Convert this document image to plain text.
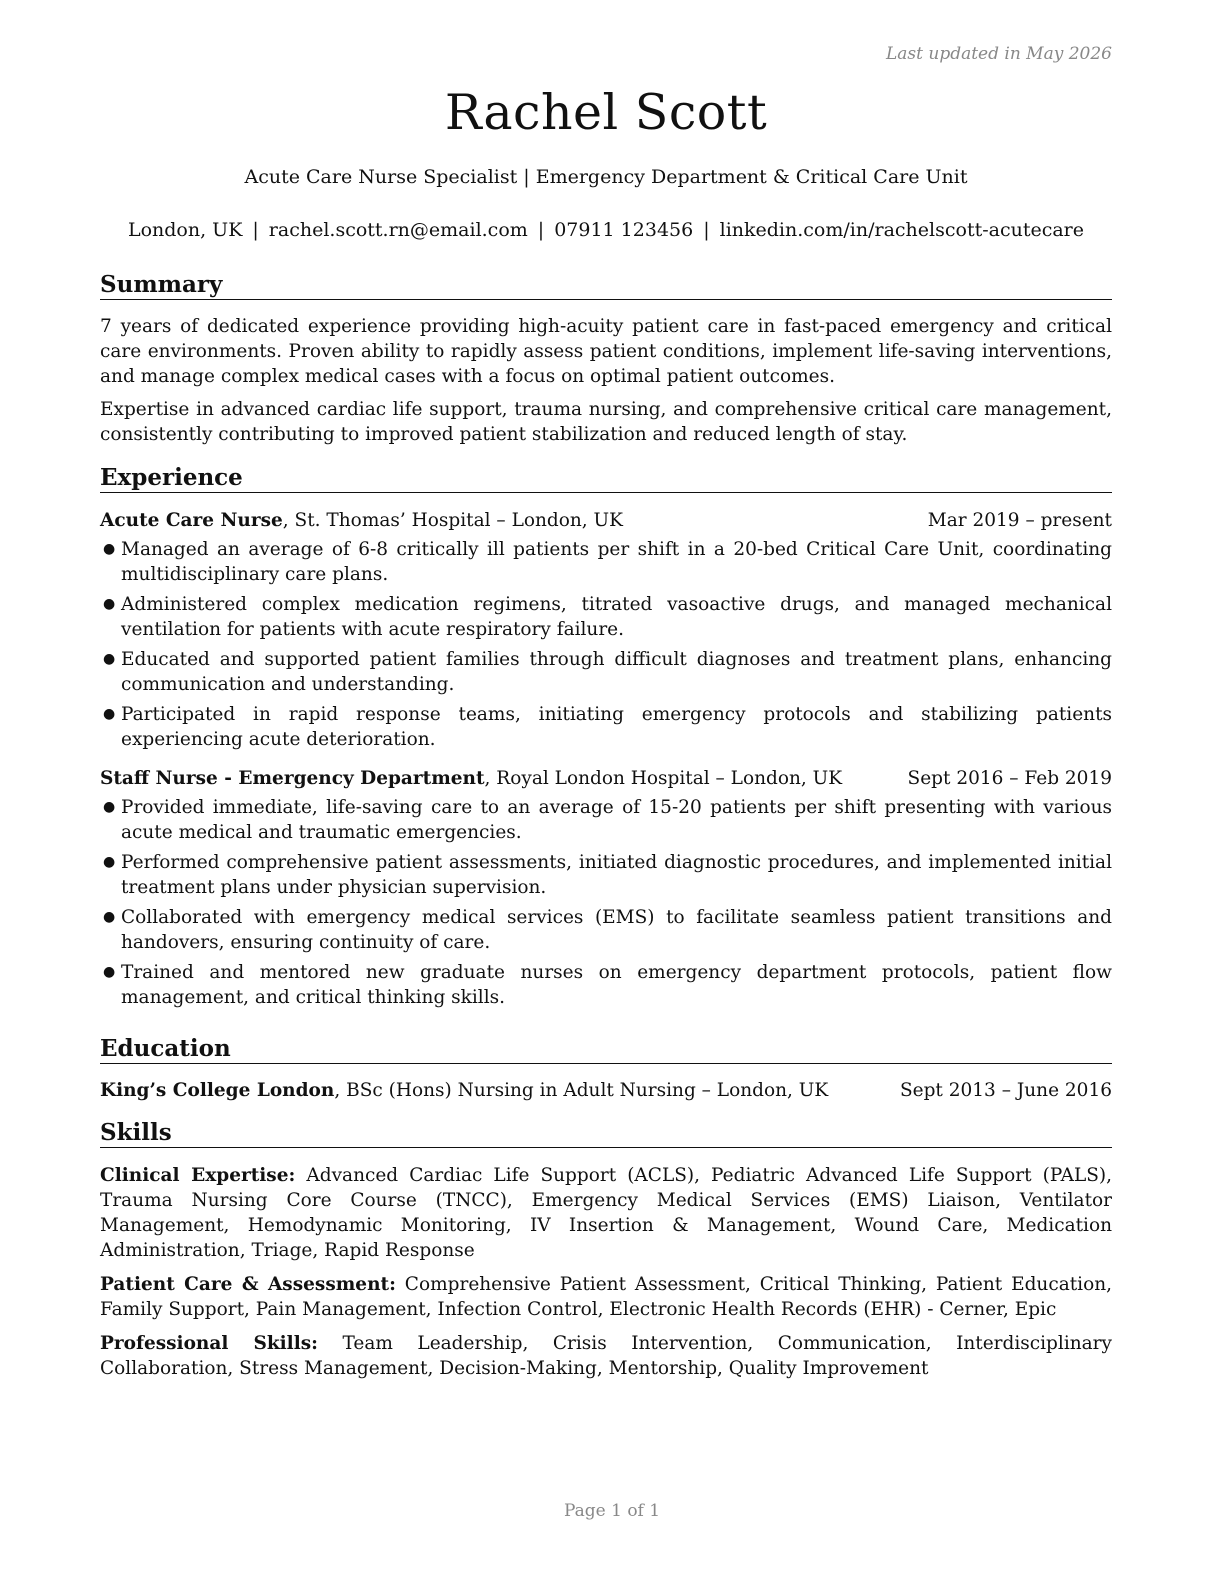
Last updated in May 2026
Rachel Scott
Acute Care Nurse Specialist | Emergency Department & Critical Care Unit
London, UK | rachel.scott.rn@email.com | 07911 123456 | linkedin.com/in/rachelscott-acutecare
Summary

7 years of dedicated experience providing high-acuity patient care in fast-paced emergency and critical care environments. Proven ability to rapidly assess patient conditions, implement life-saving interventions, and manage complex medical cases with a focus on optimal patient outcomes.

Expertise in advanced cardiac life support, trauma nursing, and comprehensive critical care management, consistently contributing to improved patient stabilization and reduced length of stay.

Experience
Acute Care Nurse, St. Thomas’ Hospital – London, UK	Mar 2019 – present
● Managed an average of 6-8 critically ill patients per shift in a 20-bed Critical Care Unit, coordinating multidisciplinary care plans.
● Administered complex medication regimens, titrated vasoactive drugs, and managed mechanical ventilation for patients with acute respiratory failure.
● Educated and supported patient families through difficult diagnoses and treatment plans, enhancing communication and understanding.
● Participated in rapid response teams, initiating emergency protocols and stabilizing patients experiencing acute deterioration.
Staff Nurse - Emergency Department, Royal London Hospital – London, UK	Sept 2016 – Feb 2019
● Provided immediate, life-saving care to an average of 15-20 patients per shift presenting with various acute medical and traumatic emergencies.
● Performed comprehensive patient assessments, initiated diagnostic procedures, and implemented initial treatment plans under physician supervision.
● Collaborated with emergency medical services (EMS) to facilitate seamless patient transitions and handovers, ensuring continuity of care.
● Trained and mentored new graduate nurses on emergency department protocols, patient flow management, and critical thinking skills.
Education
King’s College London, BSc (Hons) Nursing in Adult Nursing – London, UK	Sept 2013 – June 2016
Skills

Clinical Expertise: Advanced Cardiac Life Support (ACLS), Pediatric Advanced Life Support (PALS), Trauma Nursing Core Course (TNCC), Emergency Medical Services (EMS) Liaison, Ventilator Management, Hemodynamic Monitoring, IV Insertion & Management, Wound Care, Medication Administration, Triage, Rapid Response

Patient Care & Assessment: Comprehensive Patient Assessment, Critical Thinking, Patient Education, Family Support, Pain Management, Infection Control, Electronic Health Records (EHR) - Cerner, Epic

Professional Skills: Team Leadership, Crisis Intervention, Communication, Interdisciplinary Collaboration, Stress Management, Decision-Making, Mentorship, Quality Improvement

Page 1 of 1
